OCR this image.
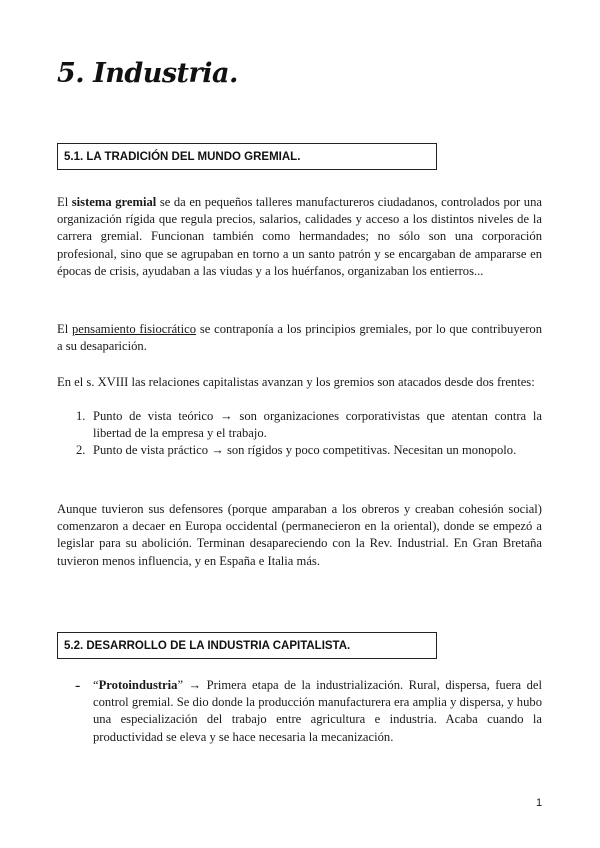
5. Industria.
5.1. LA TRADICIÓN DEL MUNDO GREMIAL.

El sistema gremial se da en pequeños talleres manufactureros ciudadanos, controlados por una organización rígida que regula precios, salarios, calidades y acceso a los distintos niveles de la carrera gremial. Funcionan también como hermandades; no sólo son una corporación profesional, sino que se agrupaban en torno a un santo patrón y se encargaban de ampararse en épocas de crisis, ayudaban a las viudas y a los huérfanos, organizaban los entierros...

El pensamiento fisiocrático se contraponía a los principios gremiales, por lo que contribuyeron a su desaparición.

En el s. XVIII las relaciones capitalistas avanzan y los gremios son atacados desde dos frentes:

1. Punto de vista teórico → son organizaciones corporativistas que atentan contra la libertad de la empresa y el trabajo.
2. Punto de vista práctico → son rígidos y poco competitivas. Necesitan un monopolo.

Aunque tuvieron sus defensores (porque amparaban a los obreros y creaban cohesión social) comenzaron a decaer en Europa occidental (permanecieron en la oriental), donde se empezó a legislar para su abolición. Terminan desapareciendo con la Rev. Industrial. En Gran Bretaña tuvieron menos influencia, y en España e Italia más.

5.2. DESARROLLO DE LA INDUSTRIA CAPITALISTA.
- “Protoindustria” → Primera etapa de la industrialización. Rural, dispersa, fuera del control gremial. Se dio donde la producción manufacturera era amplia y dispersa, y hubo una especialización del trabajo entre agricultura e industria. Acaba cuando la productividad se eleva y se hace necesaria la mecanización.

1
